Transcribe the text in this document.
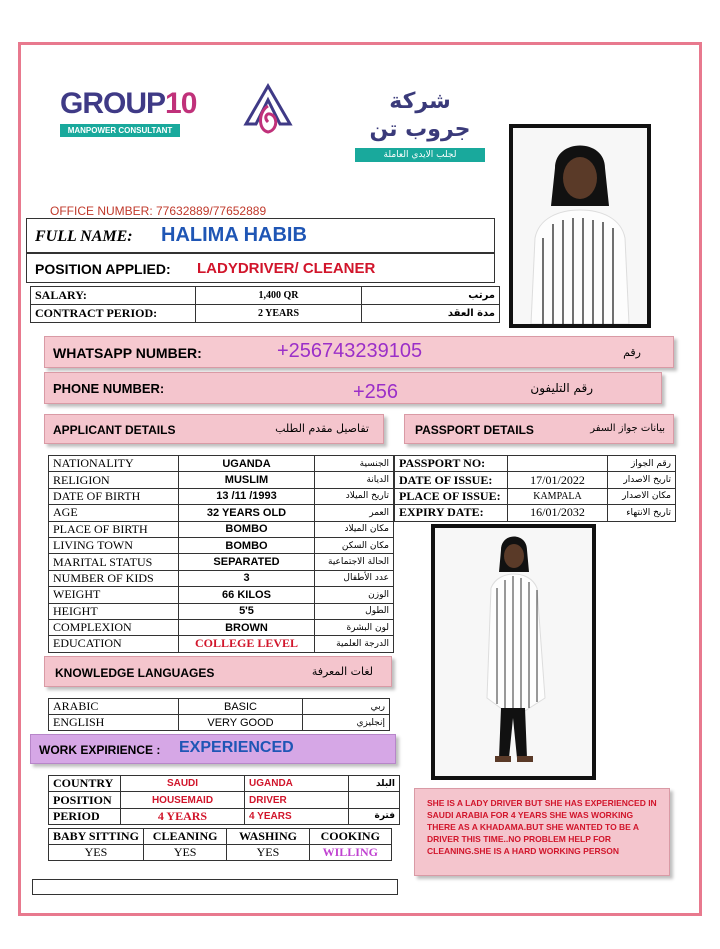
GROUP10
MANPOWER CONSULTANT
شركة جروب تن
لجلب الايدي العاملة
OFFICE NUMBER: 77632889/77652889
FULL NAME: HALIMA HABIB
POSITION APPLIED: LADYDRIVER/ CLEANER
SALARY:	1,400 QR	مرتب
CONTRACT PERIOD:	2 YEARS	مدة العقد
WHATSAPP NUMBER:	+256743239105	رقم
PHONE NUMBER:	+256	رقم التليفون
APPLICANT DETAILS	تفاصيل مقدم الطلب	PASSPORT DETAILS	بيانات جواز السفر
NATIONALITY	UGANDA	الجنسية
RELIGION	MUSLIM	الديانة
DATE OF BIRTH	13 /11 /1993	تاريخ الميلاد
AGE	32 YEARS OLD	العمر
PLACE OF BIRTH	BOMBO	مكان الميلاد
LIVING TOWN	BOMBO	مكان السكن
MARITAL STATUS	SEPARATED	الحالة الاجتماعية
NUMBER OF KIDS	3	عدد الأطفال
WEIGHT	66 KILOS	الوزن
HEIGHT	5'5	الطول
COMPLEXION	BROWN	لون البشرة
EDUCATION	COLLEGE LEVEL	الدرجة العلمية
PASSPORT NO:		رقم الجواز
DATE OF ISSUE:	17/01/2022	تاريخ الاصدار
PLACE OF ISSUE:	KAMPALA	مكان الاصدار
EXPIRY DATE:	16/01/2032	تاريخ الانتهاء
KNOWLEDGE LANGUAGES	لغات المعرفة
ARABIC	BASIC	ربي
ENGLISH	VERY GOOD	إنجليزي
WORK EXPIRIENCE : EXPERIENCED
COUNTRY	SAUDI	UGANDA	البلد
POSITION	HOUSEMAID	DRIVER	
PERIOD	4 YEARS	4 YEARS	فترة
BABY SITTING	CLEANING	WASHING	COOKING
YES	YES	YES	WILLING
SHE IS A LADY DRIVER BUT SHE HAS EXPERIENCED IN SAUDI ARABIA FOR 4 YEARS SHE WAS WORKING THERE AS A KHADAMA.BUT SHE WANTED TO BE A DRIVER THIS TIME..NO PROBLEM HELP FOR CLEANING.SHE IS A HARD WORKING PERSON
